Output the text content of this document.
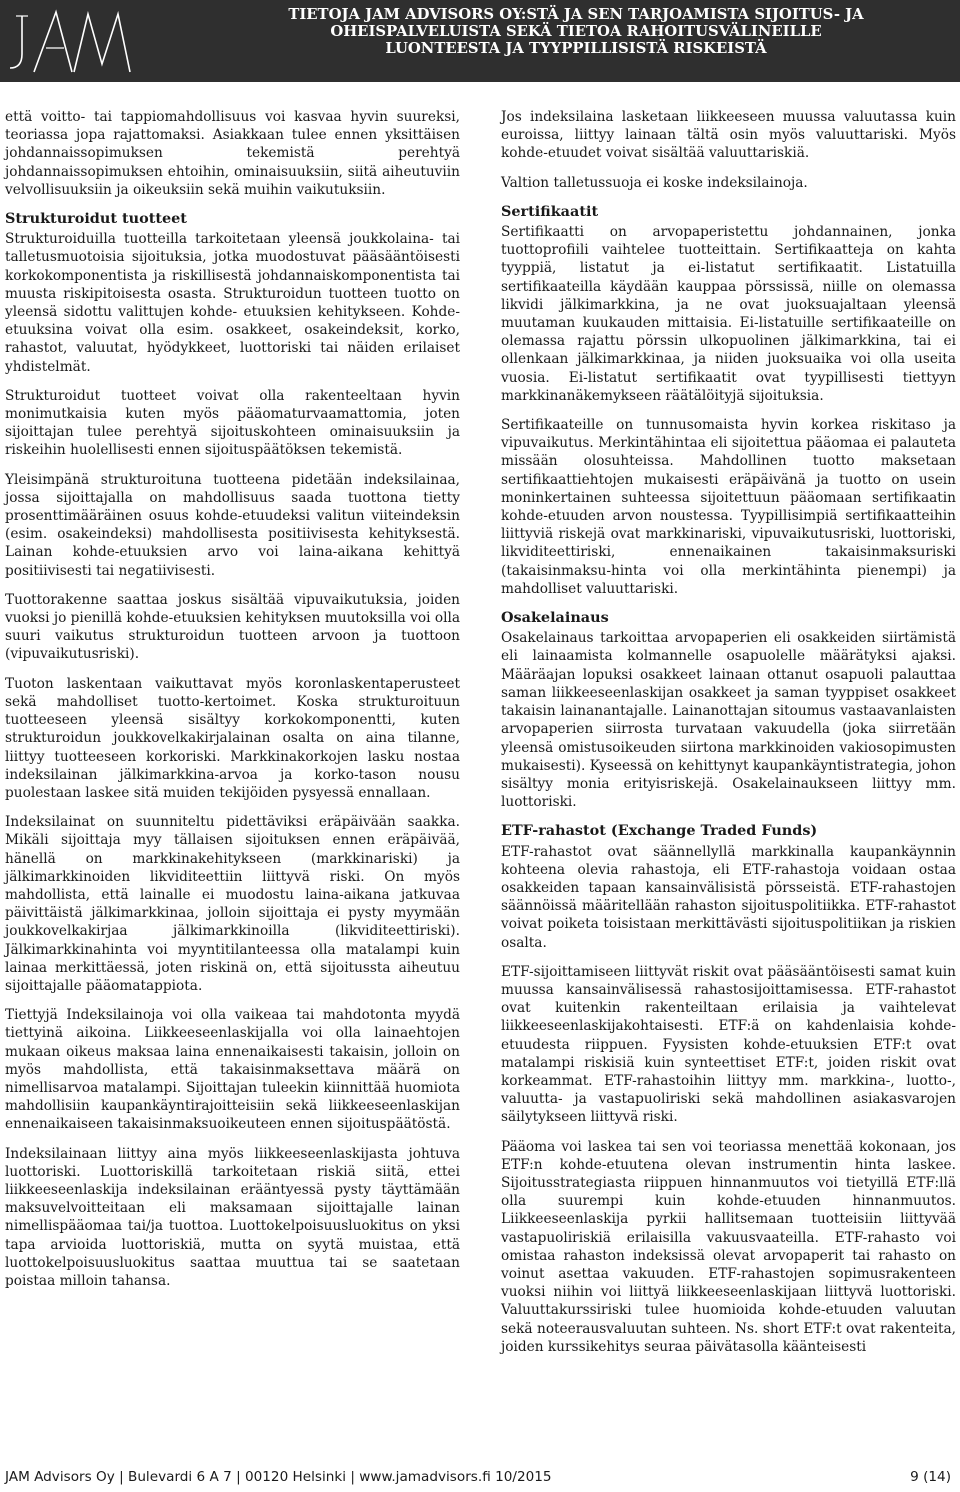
TIETOJA JAM ADVISORS OY:STÄ JA SEN TARJOAMISTA SIJOITUS- JA
OHEISPALVELUISTA SEKÄ TIETOA RAHOITUSVÄLINEILLE
LUONTEESTA JA TYYPPILLISISTÄ RISKEISTÄ

että voitto- tai tappiomahdollisuus voi kasvaa hyvin suureksi, teoriassa jopa rajattomaksi. Asiakkaan tulee ennen yksittäisen johdannaissopimuksen tekemistä perehtyä johdannaissopimuksen ehtoihin, ominaisuuksiin, siitä aiheutuviin velvollisuuksiin ja oikeuksiin sekä muihin vaikutuksiin.

Strukturoidut tuotteet

Strukturoiduilla tuotteilla tarkoitetaan yleensä joukkolaina- tai talletusmuotoisia sijoituksia, jotka muodostuvat pääsääntöisesti korkokomponentista ja riskillisestä johdannaiskomponentista tai muusta riskipitoisesta osasta. Strukturoidun tuotteen tuotto on yleensä sidottu valittujen kohde- etuuksien kehitykseen. Kohde-etuuksina voivat olla esim. osakkeet, osakeindeksit, korko, rahastot, valuutat, hyödykkeet, luottoriski tai näiden erilaiset yhdistelmät.

Strukturoidut tuotteet voivat olla rakenteeltaan hyvin monimutkaisia kuten myös pääomaturvaamattomia, joten sijoittajan tulee perehtyä sijoituskohteen ominaisuuksiin ja riskeihin huolellisesti ennen sijoituspäätöksen tekemistä.

Yleisimpänä strukturoituna tuotteena pidetään indeksilainaa, jossa sijoittajalla on mahdollisuus saada tuottona tietty prosenttimääräinen osuus kohde-etuudeksi valitun viiteindeksin (esim. osakeindeksi) mahdollisesta positiivisesta kehityksestä. Lainan kohde-etuuksien arvo voi laina-aikana kehittyä positiivisesti tai negatiivisesti.

Tuottorakenne saattaa joskus sisältää vipuvaikutuksia, joiden vuoksi jo pienillä kohde-etuuksien kehityksen muutoksilla voi olla suuri vaikutus strukturoidun tuotteen arvoon ja tuottoon (vipuvaikutusriski).

Tuoton laskentaan vaikuttavat myös koronlaskentaperusteet sekä mahdolliset tuotto-kertoimet. Koska strukturoituun tuotteeseen yleensä sisältyy korkokomponentti, kuten strukturoidun joukkovelkakirjalainan osalta on aina tilanne, liittyy tuotteeseen korkoriski. Markkinakorkojen lasku nostaa indeksilainan jälkimarkkina-arvoa ja korko-tason nousu puolestaan laskee sitä muiden tekijöiden pysyessä ennallaan.

Indeksilainat on suunniteltu pidettäviksi eräpäivään saakka. Mikäli sijoittaja myy tällaisen sijoituksen ennen eräpäivää, hänellä on markkinakehitykseen (markkinariski) ja jälkimarkkinoiden likviditeettiin liittyvä riski. On myös mahdollista, että lainalle ei muodostu laina-aikana jatkuvaa päivittäistä jälkimarkkinaa, jolloin sijoittaja ei pysty myymään joukkovelkakirjaa jälkimarkkinoilla (likviditeettiriski). Jälkimarkkinahinta voi myyntitilanteessa olla matalampi kuin lainaa merkittäessä, joten riskinä on, että sijoitussta aiheutuu sijoittajalle pääomatappiota.

Tiettyjä Indeksilainoja voi olla vaikeaa tai mahdotonta myydä tiettyinä aikoina. Liikkeeseenlaskijalla voi olla lainaehtojen mukaan oikeus maksaa laina ennenaikaisesti takaisin, jolloin on myös mahdollista, että takaisinmaksettava määrä on nimellisarvoa matalampi. Sijoittajan tuleekin kiinnittää huomiota mahdollisiin kaupankäyntirajoitteisiin sekä liikkeeseenlaskijan ennenaikaiseen takaisinmaksuoikeuteen ennen sijoituspäätöstä.

Indeksilainaan liittyy aina myös liikkeeseenlaskijasta johtuva luottoriski. Luottoriskillä tarkoitetaan riskiä siitä, ettei liikkeeseenlaskija indeksilainan erääntyessä pysty täyttämään maksuvelvoitteitaan eli maksamaan sijoittajalle lainan nimellispääomaa tai/ja tuottoa. Luottokelpoisuusluokitus on yksi tapa arvioida luottoriskiä, mutta on syytä muistaa, että luottokelpoisuusluokitus saattaa muuttua tai se saatetaan poistaa milloin tahansa.

Jos indeksilaina lasketaan liikkeeseen muussa valuutassa kuin euroissa, liittyy lainaan tältä osin myös valuuttariski. Myös kohde-etuudet voivat sisältää valuuttariskiä.

Valtion talletussuoja ei koske indeksilainoja.

Sertifikaatit

Sertifikaatti on arvopaperistettu johdannainen, jonka tuottoprofiili vaihtelee tuotteittain. Sertifikaatteja on kahta tyyppiä, listatut ja ei-listatut sertifikaatit. Listatuilla sertifikaateilla käydään kauppaa pörssissä, niille on olemassa likvidi jälkimarkkina, ja ne ovat juoksuajaltaan yleensä muutaman kuukauden mittaisia. Ei-listatuille sertifikaateille on olemassa rajattu pörssin ulkopuolinen jälkimarkkina, tai ei ollenkaan jälkimarkkinaa, ja niiden juoksuaika voi olla useita vuosia. Ei-listatut sertifikaatit ovat tyypillisesti tiettyyn markkinanäkemykseen räätälöityjä sijoituksia.

Sertifikaateille on tunnusomaista hyvin korkea riskitaso ja vipuvaikutus. Merkintähintaa eli sijoitettua pääomaa ei palauteta missään olosuhteissa. Mahdollinen tuotto maksetaan sertifikaattiehtojen mukaisesti eräpäivänä ja tuotto on usein moninkertainen suhteessa sijoitettuun pääomaan sertifikaatin kohde-etuuden arvon noustessa. Tyypillisimpiä sertifikaatteihin liittyviä riskejä ovat markkinariski, vipuvaikutusriski, luottoriski, likviditeettiriski, ennenaikainen takaisinmaksuriski (takaisinmaksu-hinta voi olla merkintähinta pienempi) ja mahdolliset valuuttariski.

Osakelainaus

Osakelainaus tarkoittaa arvopaperien eli osakkeiden siirtämistä eli lainaamista kolmannelle osapuolelle määrätyksi ajaksi. Määräajan lopuksi osakkeet lainaan ottanut osapuoli palauttaa saman liikkeeseenlaskijan osakkeet ja saman tyyppiset osakkeet takaisin lainanantajalle. Lainanottajan sitoumus vastaavanlaisten arvopaperien siirrosta turvataan vakuudella (joka siirretään yleensä omistusoikeuden siirtona markkinoiden vakiosopimusten mukaisesti). Kyseessä on kehittynyt kaupankäyntistrategia, johon sisältyy monia erityisriskejä. Osakelainaukseen liittyy mm. luottoriski.

ETF-rahastot (Exchange Traded Funds)

ETF-rahastot ovat säännellyllä markkinalla kaupankäynnin kohteena olevia rahastoja, eli ETF-rahastoja voidaan ostaa osakkeiden tapaan kansainvälisistä pörsseistä. ETF-rahastojen säännöissä määritellään rahaston sijoituspolitiikka. ETF-rahastot voivat poiketa toisistaan merkittävästi sijoituspolitiikan ja riskien osalta.

ETF-sijoittamiseen liittyvät riskit ovat pääsääntöisesti samat kuin muussa kansainvälisessä rahastosijoittamisessa. ETF-rahastot ovat kuitenkin rakenteiltaan erilaisia ja vaihtelevat liikkeeseenlaskijakohtaisesti. ETF:ä on kahdenlaisia kohde-etuudesta riippuen. Fyysisten kohde-etuuksien ETF:t ovat matalampi riskisiä kuin synteettiset ETF:t, joiden riskit ovat korkeammat. ETF-rahastoihin liittyy mm. markkina-, luotto-, valuutta- ja vastapuoliriski sekä mahdollinen asiakasvarojen säilytykseen liittyvä riski.

Pääoma voi laskea tai sen voi teoriassa menettää kokonaan, jos ETF:n kohde-etuutena olevan instrumentin hinta laskee. Sijoitusstrategiasta riippuen hinnanmuutos voi tietyillä ETF:llä olla suurempi kuin kohde-etuuden hinnanmuutos. Liikkeeseenlaskija pyrkii hallitsemaan tuotteisiin liittyvää vastapuoliriskiä erilaisilla vakuusvaateilla. ETF-rahasto voi omistaa rahaston indeksissä olevat arvopaperit tai rahasto on voinut asettaa vakuuden. ETF-rahastojen sopimusrakenteen vuoksi niihin voi liittyä liikkeeseenlaskijaan liittyvä luottoriski. Valuuttakurssiriski tulee huomioida kohde-etuuden valuutan sekä noteerausvaluutan suhteen. Ns. short ETF:t ovat rakenteita, joiden kurssikehitys seuraa päivätasolla käänteisesti

JAM Advisors Oy | Bulevardi 6 A 7 | 00120 Helsinki | www.jamadvisors.fi 10/2015	9 (14)
